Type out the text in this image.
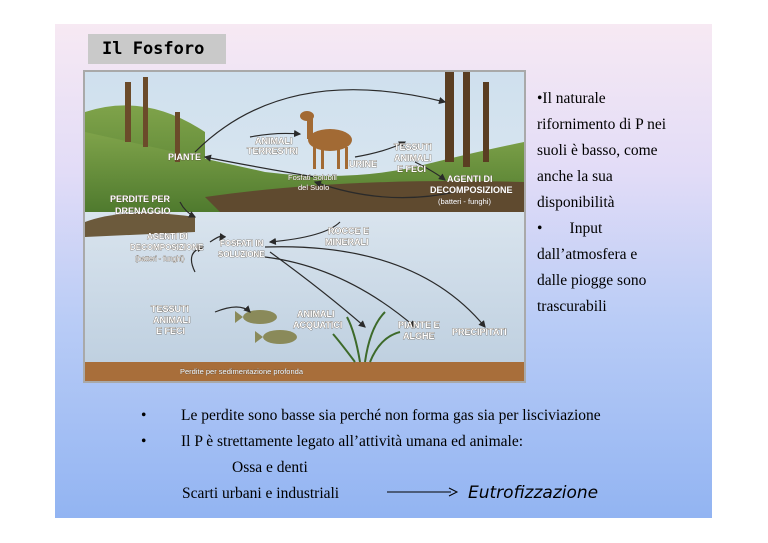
Il Fosforo
PIANTE
ANIMALI
TERRESTRI
URINE
TESSUTI
ANIMALI
E FECI
AGENTI DI
DECOMPOSIZIONE
PERDITE PER
DRENAGGIO
ROCCE E
MINERALI
AGENTI DI
DECOMPOSIZIONE FOSFATI IN
SOLUZIONE
TESSUTI
ANIMALI
E FECI
ANIMALI
ACQUATICI	PIANTE E
ALGHE PRECIPITATI
Fosfati Solubili
del Suolo
(batteri - funghi)
(batteri - funghi)
Perdite per sedimentazione profonda

•Il naturale

rifornimento di P nei

suoli è basso, come

anche la sua

disponibilità

•       Input

dall’atmosfera e

dalle piogge sono

trascurabili

• Le perdite sono basse sia perché non forma gas sia per lisciviazione
• Il P è strettamente legato all’attività umana ed animale:
Ossa e denti
Scarti urbani e industriali	Eutrofizzazione
